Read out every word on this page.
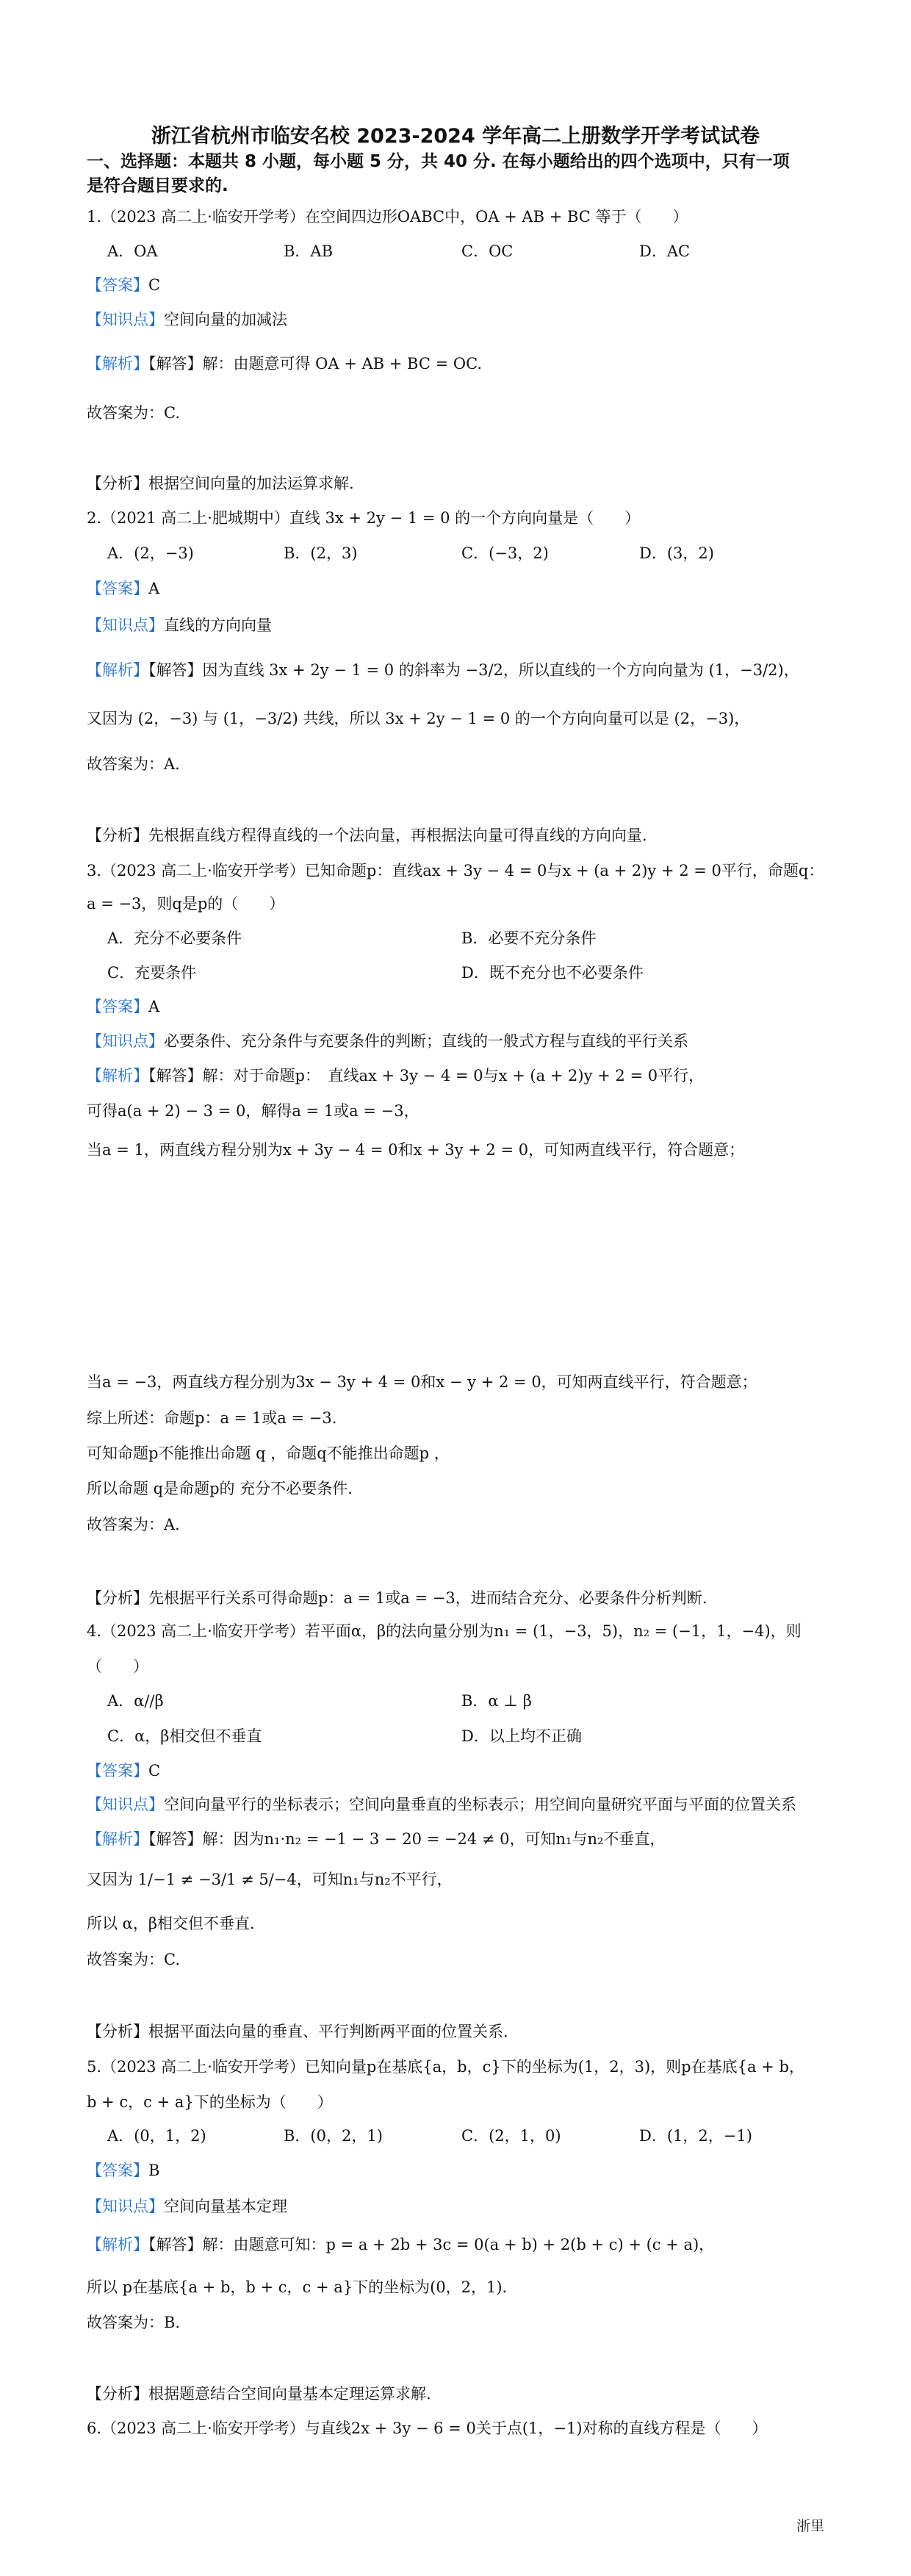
浙江省杭州市临安名校 2023-2024 学年高二上册数学开学考试试卷
一、选择题：本题共 8 小题，每小题 5 分，共 40 分. 在每小题给出的四个选项中，只有一项
是符合题目要求的.
1.（2023 高二上·临安开学考）在空间四边形OABC中，OA + AB + BC 等于（　　）
A．OA	B．AB	C．OC	D．AC
【答案】C
【知识点】空间向量的加减法
【解析】【解答】解：由题意可得 OA + AB + BC = OC.
故答案为：C.
【分析】根据空间向量的加法运算求解.
2.（2021 高二上·肥城期中）直线 3x + 2y − 1 = 0 的一个方向向量是（　　）
A．(2，−3)	B．(2，3)	C．(−3，2)	D．(3，2)
【答案】A
【知识点】直线的方向向量
【解析】【解答】因为直线 3x + 2y − 1 = 0 的斜率为 −3/2，所以直线的一个方向向量为 (1，−3/2)，
又因为 (2，−3) 与 (1，−3/2) 共线，所以 3x + 2y − 1 = 0 的一个方向向量可以是 (2，−3)，
故答案为：A.
【分析】先根据直线方程得直线的一个法向量，再根据法向量可得直线的方向向量.
3.（2023 高二上·临安开学考）已知命题p：直线ax + 3y − 4 = 0与x + (a + 2)y + 2 = 0平行，命题q：
a = −3，则q是p的（　　）
A．充分不必要条件	B．必要不充分条件
C．充要条件	D．既不充分也不必要条件
【答案】A
【知识点】必要条件、充分条件与充要条件的判断；直线的一般式方程与直线的平行关系
【解析】【解答】解：对于命题p：　直线ax + 3y − 4 = 0与x + (a + 2)y + 2 = 0平行，
可得a(a + 2) − 3 = 0，解得a = 1或a = −3，
当a = 1，两直线方程分别为x + 3y − 4 = 0和x + 3y + 2 = 0，可知两直线平行，符合题意；
当a = −3，两直线方程分别为3x − 3y + 4 = 0和x − y + 2 = 0，可知两直线平行，符合题意；
综上所述：命题p：a = 1或a = −3.
可知命题p不能推出命题 q ，命题q不能推出命题p ，
所以命题 q是命题p的 充分不必要条件.
故答案为：A.
【分析】先根据平行关系可得命题p：a = 1或a = −3，进而结合充分、必要条件分析判断.
4.（2023 高二上·临安开学考）若平面α，β的法向量分别为n₁ = (1，−3，5)，n₂ = (−1，1，−4)，则
（　　）
A．α//β	B．α ⊥ β
C．α，β相交但不垂直	D．以上均不正确
【答案】C
【知识点】空间向量平行的坐标表示；空间向量垂直的坐标表示；用空间向量研究平面与平面的位置关系
【解析】【解答】解：因为n₁·n₂ = −1 − 3 − 20 = −24 ≠ 0，可知n₁与n₂不垂直，
又因为 1/−1 ≠ −3/1 ≠ 5/−4，可知n₁与n₂不平行，
所以 α，β相交但不垂直.
故答案为：C.
【分析】根据平面法向量的垂直、平行判断两平面的位置关系.
5.（2023 高二上·临安开学考）已知向量p在基底{a，b，c}下的坐标为(1，2，3)，则p在基底{a + b，
b + c，c + a}下的坐标为（　　）
A．(0，1，2)	B．(0，2，1)	C．(2，1，0)	D．(1，2，−1)
【答案】B
【知识点】空间向量基本定理
【解析】【解答】解：由题意可知：p = a + 2b + 3c = 0(a + b) + 2(b + c) + (c + a)，
所以 p在基底{a + b，b + c，c + a}下的坐标为(0，2，1)．
故答案为：B.
【分析】根据题意结合空间向量基本定理运算求解.
6.（2023 高二上·临安开学考）与直线2x + 3y − 6 = 0关于点(1，−1)对称的直线方程是（　　）
浙里
